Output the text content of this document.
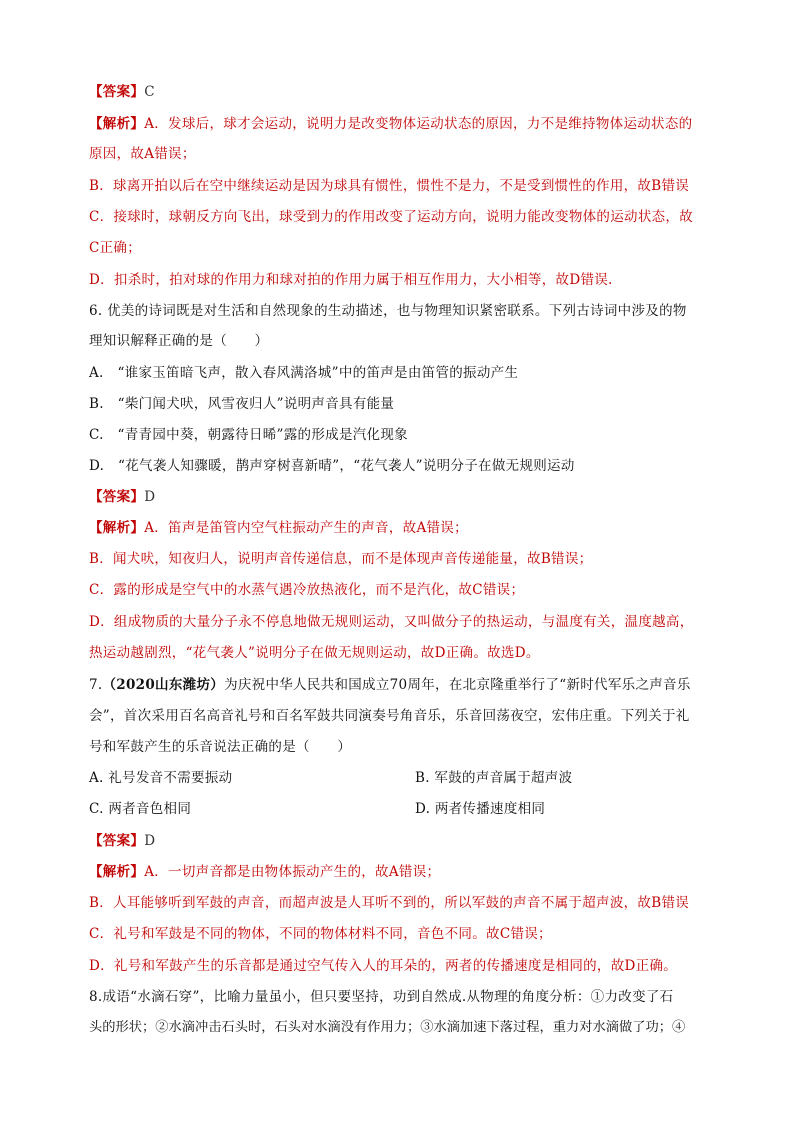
【答案】C
【解析】A．发球后，球才会运动，说明力是改变物体运动状态的原因，力不是维持物体运动状态的
原因，故A错误；
B．球离开拍以后在空中继续运动是因为球具有惯性，惯性不是力，不是受到惯性的作用，故B错误
C．接球时，球朝反方向飞出，球受到力的作用改变了运动方向，说明力能改变物体的运动状态，故
C正确；
D．扣杀时，拍对球的作用力和球对拍的作用力属于相互作用力，大小相等，故D错误.
6. 优美的诗词既是对生活和自然现象的生动描述，也与物理知识紧密联系。下列古诗词中涉及的物
理知识解释正确的是（　　）
A.　“谁家玉笛暗飞声，散入春风满洛城”中的笛声是由笛管的振动产生
B.　“柴门闻犬吠，风雪夜归人”说明声音具有能量
C.　“青青园中葵，朝露待日晞”露的形成是汽化现象
D.　“花气袭人知骤暖，鹊声穿树喜新晴”，“花气袭人”说明分子在做无规则运动
【答案】D
【解析】A．笛声是笛管内空气柱振动产生的声音，故A错误；
B．闻犬吠，知夜归人，说明声音传递信息，而不是体现声音传递能量，故B错误；
C．露的形成是空气中的水蒸气遇冷放热液化，而不是汽化，故C错误；
D．组成物质的大量分子永不停息地做无规则运动，又叫做分子的热运动，与温度有关，温度越高，
热运动越剧烈，“花气袭人”说明分子在做无规则运动，故D正确。故选D。
7.（2020山东潍坊）为庆祝中华人民共和国成立70周年，在北京隆重举行了“新时代军乐之声音乐
会”，首次采用百名高音礼号和百名军鼓共同演奏号角音乐，乐音回荡夜空，宏伟庄重。下列关于礼
号和军鼓产生的乐音说法正确的是（　　）
A. 礼号发音不需要振动	B. 军鼓的声音属于超声波
C. 两者音色相同	D. 两者传播速度相同
【答案】D
【解析】A．一切声音都是由物体振动产生的，故A错误；
B．人耳能够听到军鼓的声音，而超声波是人耳听不到的，所以军鼓的声音不属于超声波，故B错误
C．礼号和军鼓是不同的物体，不同的物体材料不同，音色不同。故C错误；
D．礼号和军鼓产生的乐音都是通过空气传入人的耳朵的，两者的传播速度是相同的，故D正确。
8.成语“水滴石穿”，比喻力量虽小，但只要坚持，功到自然成.从物理的角度分析：①力改变了石
头的形状；②水滴冲击石头时，石头对水滴没有作用力；③水滴加速下落过程，重力对水滴做了功；④
